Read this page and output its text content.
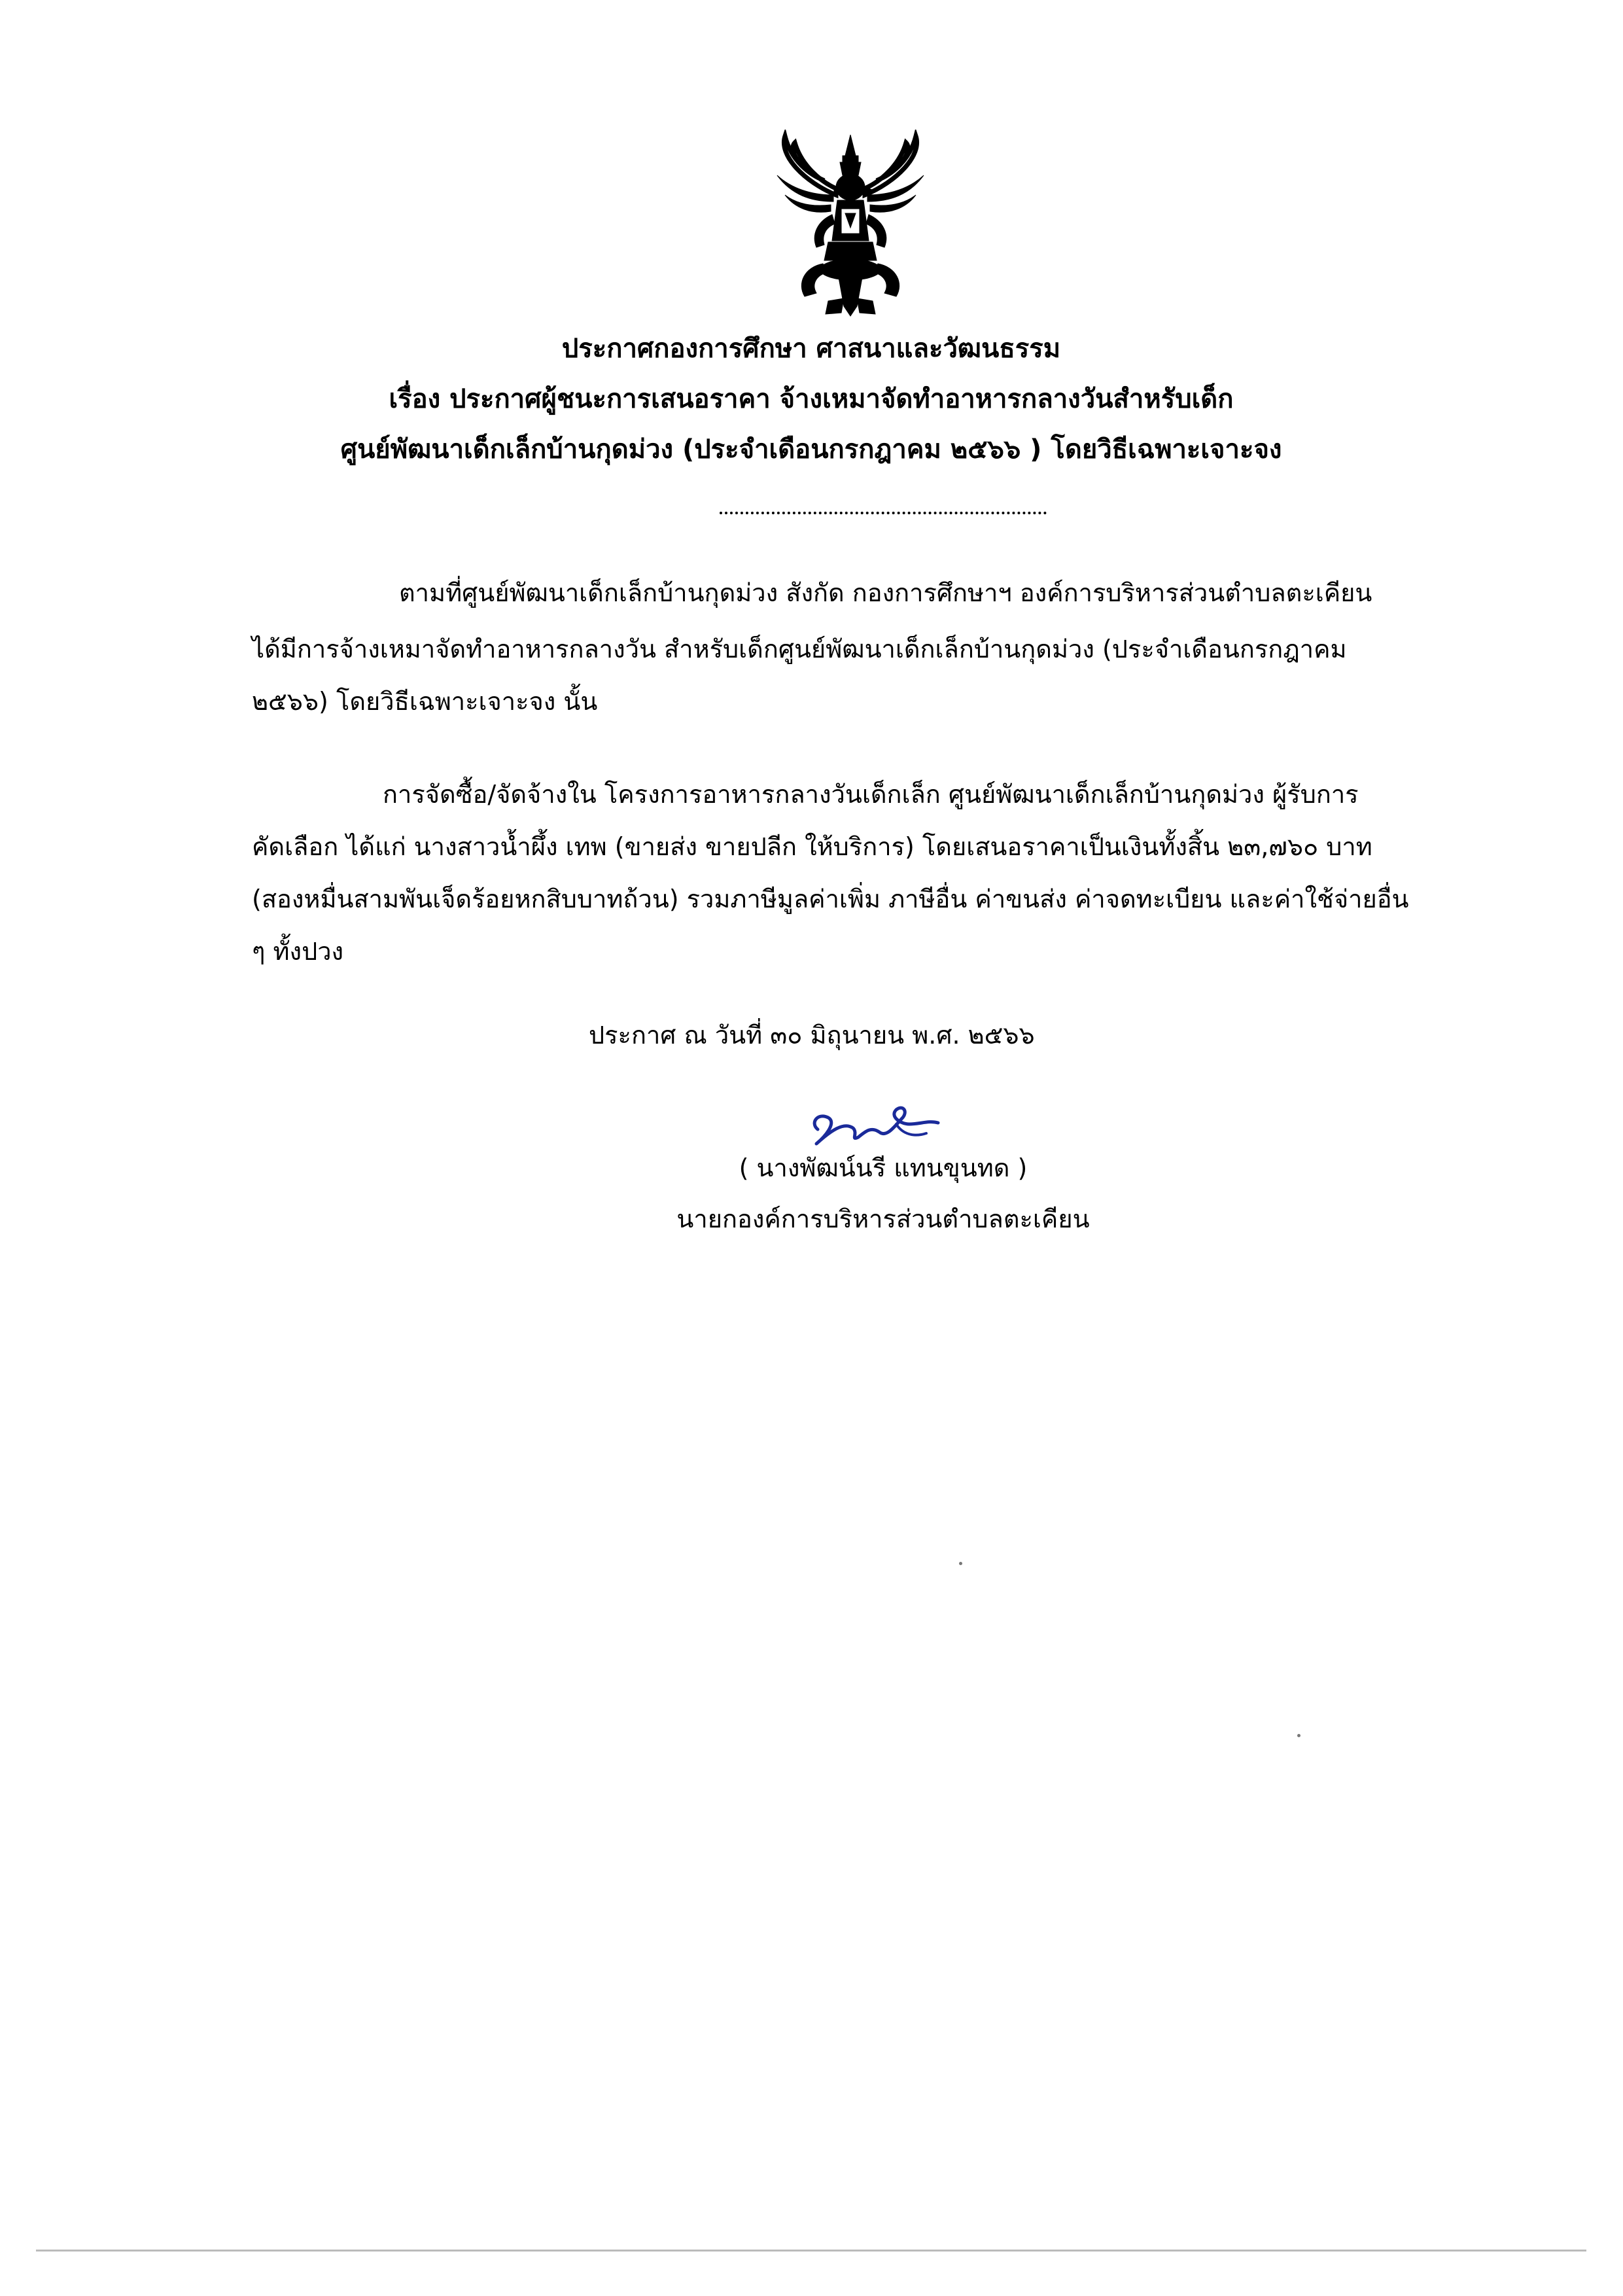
ประกาศกองการศึกษา ศาสนาและวัฒนธรรม
เรื่อง ประกาศผู้ชนะการเสนอราคา จ้างเหมาจัดทำอาหารกลางวันสำหรับเด็ก
ศูนย์พัฒนาเด็กเล็กบ้านกุดม่วง (ประจำเดือนกรกฎาคม ๒๕๖๖ ) โดยวิธีเฉพาะเจาะจง
ตามที่ศูนย์พัฒนาเด็กเล็กบ้านกุดม่วง สังกัด กองการศึกษาฯ องค์การบริหารส่วนตำบลตะเคียน
ได้มีการจ้างเหมาจัดทำอาหารกลางวัน สำหรับเด็กศูนย์พัฒนาเด็กเล็กบ้านกุดม่วง (ประจำเดือนกรกฎาคม
๒๕๖๖) โดยวิธีเฉพาะเจาะจง นั้น
การจัดซื้อ/จัดจ้างใน โครงการอาหารกลางวันเด็กเล็ก ศูนย์พัฒนาเด็กเล็กบ้านกุดม่วง ผู้รับการ
คัดเลือก ได้แก่ นางสาวน้ำผึ้ง เทพ (ขายส่ง ขายปลีก ให้บริการ) โดยเสนอราคาเป็นเงินทั้งสิ้น ๒๓,๗๖๐ บาท
(สองหมื่นสามพันเจ็ดร้อยหกสิบบาทถ้วน) รวมภาษีมูลค่าเพิ่ม ภาษีอื่น ค่าขนส่ง ค่าจดทะเบียน และค่าใช้จ่ายอื่น
ๆ ทั้งปวง
ประกาศ ณ วันที่ ๓๐ มิถุนายน พ.ศ. ๒๕๖๖
( นางพัฒน์นรี แทนขุนทด )
นายกองค์การบริหารส่วนตำบลตะเคียน
